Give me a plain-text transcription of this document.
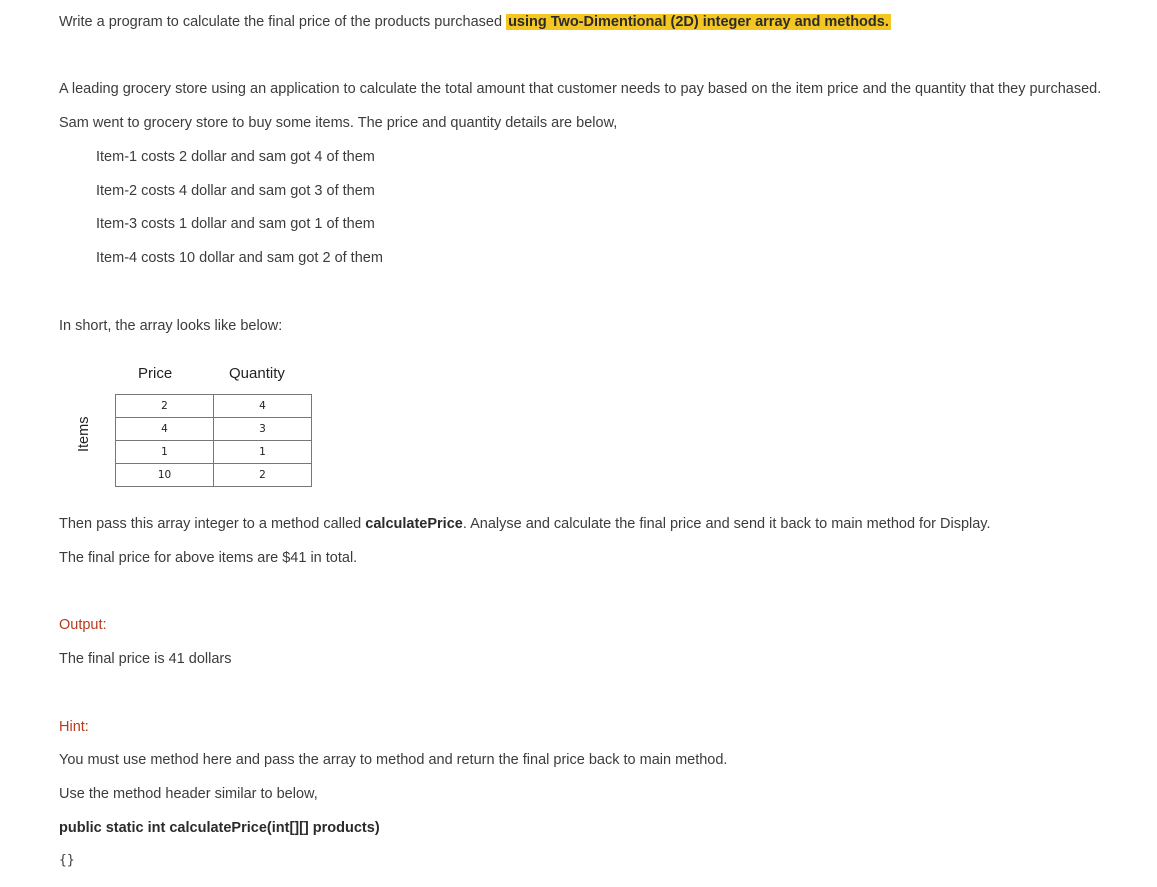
Write a program to calculate the final price of the products purchased using Two-Dimentional (2D) integer array and methods.
A leading grocery store using an application to calculate the total amount that customer needs to pay based on the item price and the quantity that they purchased.
Sam went to grocery store to buy some items. The price and quantity details are below,
Item-1 costs 2 dollar and sam got 4 of them
Item-2 costs 4 dollar and sam got 3 of them
Item-3 costs 1 dollar and sam got 1 of them
Item-4 costs 10 dollar and sam got 2 of them
In short, the array looks like below:
Price	Quantity
Items
2	4
4	3
1	1
10	2
Then pass this array integer to a method called calculatePrice. Analyse and calculate the final price and send it back to main method for Display.
The final price for above items are $41 in total.
Output:
The final price is 41 dollars
Hint:
You must use method here and pass the array to method and return the final price back to main method.
Use the method header similar to below,
public static int calculatePrice(int[][] products)
{}
